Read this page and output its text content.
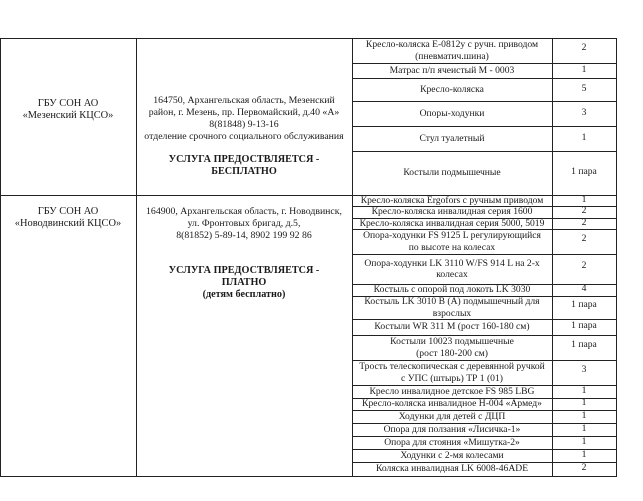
ГБУ СОН АО
«Мезенский КЦСО»
164750, Архангельская область, Мезенский
район, г. Мезень, пр. Первомайский, д.40 «А»
8(81848) 9-13-16
отделение срочного социального обслуживания
УСЛУГА ПРЕДОСТВЛЯЕТСЯ -
БЕСПЛАТНО
Кресло-коляска Е-0812у с ручн. приводом
(пневматич.шина)
2
Матрас п/п ячеистый М - 0003	1
Кресло-коляска	5
Опоры-ходунки	3
Стул туалетный	1
Костыли подмышечные	1 пара
ГБУ СОН АО
«Новодвинский КЦСО»
164900, Архангельская область, г. Новодвинск,
ул. Фронтовых бригад, д.5,
8(81852) 5-89-14, 8902 199 92 86
УСЛУГА ПРЕДОСТВЛЯЕТСЯ -
ПЛАТНО
(детям бесплатно)
Кресло-коляска Ergofors с ручным приводом	1
Кресло-коляска инвалидная серия 1600	2
Кресло-коляска инвалидная серия 5000, 5019	2
Опора-ходунки FS 9125 L регулирующийся
по высоте на колесах
2
Опора-ходунки LK 3110 W/FS 914 L на 2-х
колесах
2
Костыль с опорой под локоть LK 3030	4
Костыль LK 3010 B (A) подмышечный для
взрослых
1 пара
Костыли WR 311 M (рост 160-180 см)	1 пара
Костыли 10023 подмышечные
(рост 180-200 см)
1 пара
Трость телескопическая с деревянной ручкой
с УПС (штырь) ТР 1 (01)
3
Кресло инвалидное детское FS 985 LBG	1
Кресло-коляска инвалидное Н-004 «Армед»	1
Ходунки для детей с ДЦП	1
Опора для ползания «Лисичка-1»	1
Опора для стояния «Мишутка-2»	1
Ходунки с 2-мя колесами	1
Коляска инвалидная LK 6008-46ADE	2
